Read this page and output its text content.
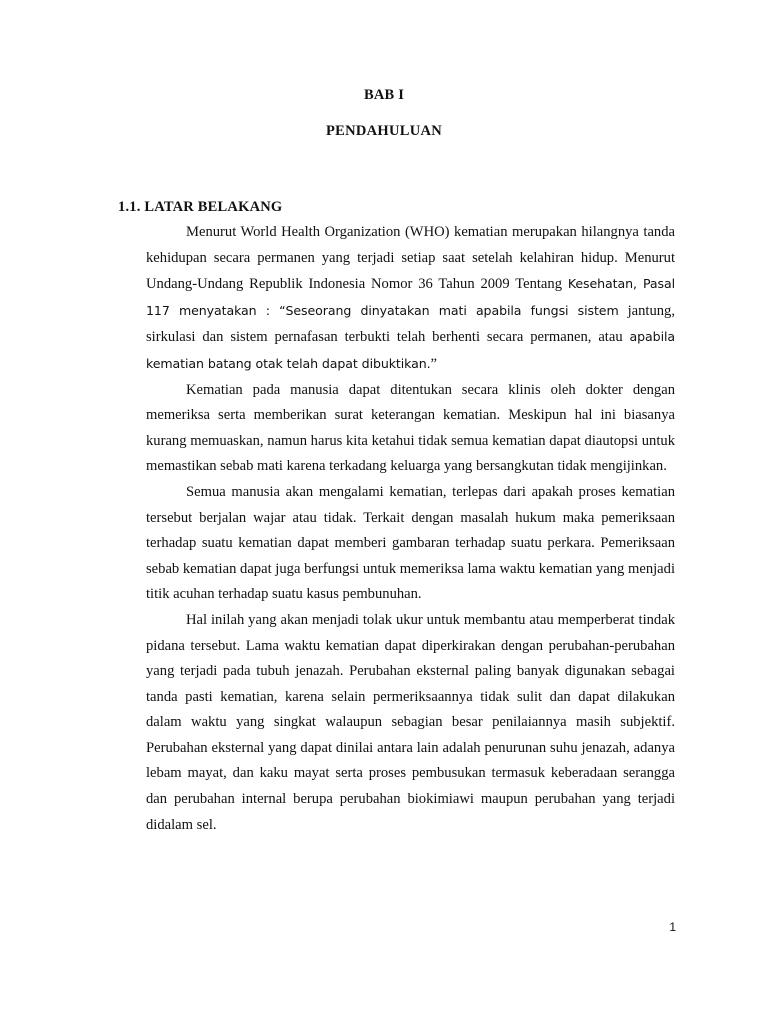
BAB I
PENDAHULUAN
1.1. LATAR BELAKANG

Menurut World Health Organization (WHO) kematian merupakan hilangnya tanda kehidupan secara permanen yang terjadi setiap saat setelah kelahiran hidup. Menurut Undang-Undang Republik Indonesia Nomor 36 Tahun 2009 Tentang Kesehatan, Pasal 117 menyatakan : “Seseorang dinyatakan mati apabila fungsi sistem jantung, sirkulasi dan sistem pernafasan terbukti telah berhenti secara permanen, atau apabila kematian batang otak telah dapat dibuktikan.”

Kematian pada manusia dapat ditentukan secara klinis oleh dokter dengan memeriksa serta memberikan surat keterangan kematian. Meskipun hal ini biasanya kurang memuaskan, namun harus kita ketahui tidak semua kematian dapat diautopsi untuk memastikan sebab mati karena terkadang keluarga yang bersangkutan tidak mengijinkan.

Semua manusia akan mengalami kematian, terlepas dari apakah proses kematian tersebut berjalan wajar atau tidak. Terkait dengan masalah hukum maka pemeriksaan terhadap suatu kematian dapat memberi gambaran terhadap suatu perkara. Pemeriksaan sebab kematian dapat juga berfungsi untuk memeriksa lama waktu kematian yang menjadi titik acuhan terhadap suatu kasus pembunuhan.

Hal inilah yang akan menjadi tolak ukur untuk membantu atau memperberat tindak pidana tersebut. Lama waktu kematian dapat diperkirakan dengan perubahan-perubahan yang terjadi pada tubuh jenazah. Perubahan eksternal paling banyak digunakan sebagai tanda pasti kematian, karena selain permeriksaannya tidak sulit dan dapat dilakukan dalam waktu yang singkat walaupun sebagian besar penilaiannya masih subjektif. Perubahan eksternal yang dapat dinilai antara lain adalah penurunan suhu jenazah, adanya lebam mayat, dan kaku mayat serta proses pembusukan termasuk keberadaan serangga dan perubahan internal berupa perubahan biokimiawi maupun perubahan yang terjadi didalam sel.

1
